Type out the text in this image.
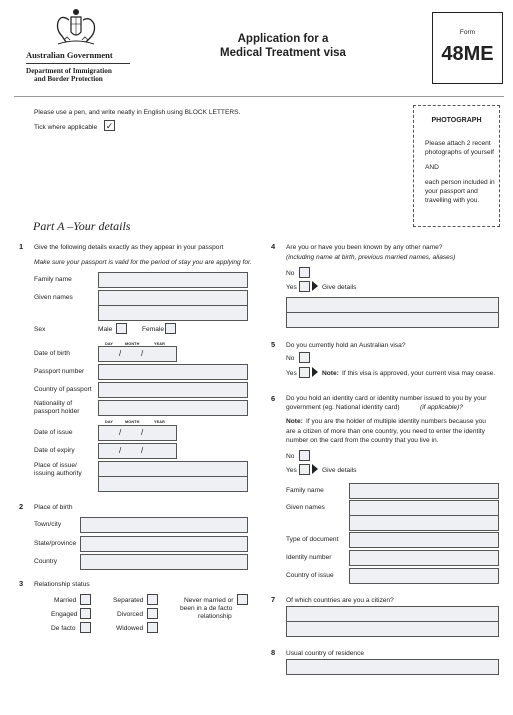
Australian Government
Department of Immigration
and Border Protection
Application for a
Medical Treatment visa
Form
48ME
Please use a pen, and write neatly in English using BLOCK LETTERS.
Tick where applicable ✓
PHOTOGRAPH
Please attach 2 recent
photographs of yourself
AND
each person included in
your passport and
travelling with you.
Part A –Your details
1 Give the following details exactly as they appear in your passport
Make sure your passport is valid for the period of stay you are applying for.
Family name
Given names
Sex	Male	Female
DAY	MONTH	YEAR
Date of birth	/ /
Passport number
Country of passport
Nationality of
passport holder
DAY	MONTH	YEAR
Date of issue	/ /
Date of expiry	/ /
Place of issue/
issuing authority
2 Place of birth
Town/city
State/province
Country
3 Relationship status
Married
Engaged
De facto
Separated
Divorced
Widowed
Never married or
been in a de facto
relationship
4 Are you or have you been known by any other name?
(including name at birth, previous married names, aliases)
No
Yes	Give details
5 Do you currently hold an Australian visa?
No
Yes	Note: If this visa is approved, your current visa may cease.
6 Do you hold an identity card or identity number issued to you by your
government (eg. National identity card)	(if applicable)?
Note: If you are the holder of multiple identity numbers because you
are a citizen of more than one country, you need to enter the identity
number on the card from the country that you live in.
No
Yes	Give details
Family name
Given names
Type of document
Identity number
Country of issue
7 Of which countries are you a citizen?
8 Usual country of residence
